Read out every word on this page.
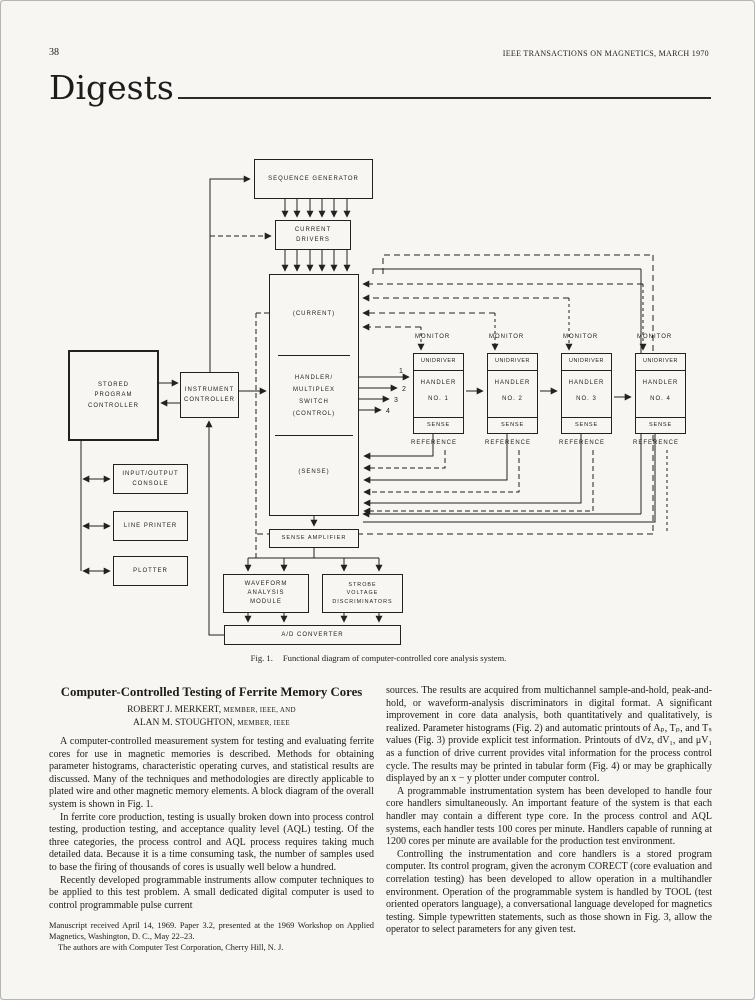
38	IEEE TRANSACTIONS ON MAGNETICS, MARCH 1970
Digests
1
2
3
4
SEQUENCE GENERATOR
CURRENT
DRIVERS
(CURRENT)
HANDLER/
MULTIPLEX
SWITCH
(CONTROL)
(SENSE)
STORED
PROGRAM
CONTROLLER
INSTRUMENT
CONTROLLER
INPUT/OUTPUT
CONSOLE
LINE PRINTER
PLOTTER
SENSE AMPLIFIER
WAVEFORM
ANALYSIS
MODULE
STROBE
VOLTAGE
DISCRIMINATORS
A/D CONVERTER
UNIDRIVER
HANDLER
NO. 1
SENSE
UNIDRIVER
HANDLER
NO. 2
SENSE
UNIDRIVER
HANDLER
NO. 3
SENSE
UNIDRIVER
HANDLER
NO. 4
SENSE
MONITOR	MONITOR	MONITOR	MONITOR
REFERENCE	REFERENCE	REFERENCE	REFERENCE
Fig. 1. Functional diagram of computer-controlled core analysis system.
Computer-Controlled Testing of Ferrite Memory Cores
ROBERT J. MERKERT, MEMBER, IEEE, AND
ALAN M. STOUGHTON, MEMBER, IEEE

A computer-controlled measurement system for testing and evaluating ferrite cores for use in magnetic memories is described. Methods for obtaining parameter histograms, characteristic operating curves, and statistical results are discussed. Many of the techniques and methodologies are directly applicable to plated wire and other magnetic memory elements. A block diagram of the overall system is shown in Fig. 1.

In ferrite core production, testing is usually broken down into process control testing, production testing, and acceptance quality level (AQL) testing. Of the three categories, the process control and AQL process requires taking much detailed data. Because it is a time consuming task, the number of samples used to base the firing of thousands of cores is usually well below a hundred.

Recently developed programmable instruments allow computer techniques to be applied to this test problem. A small dedicated digital computer is used to control programmable pulse current

Manuscript received April 14, 1969. Paper 3.2, presented at the 1969 Workshop on Applied Magnetics, Washington, D. C., May 22–23.

The authors are with Computer Test Corporation, Cherry Hill, N. J.

sources. The results are acquired from multichannel sample-and-hold, peak-and-hold, or waveform-analysis discriminators in digital format. A significant improvement in core data analysis, both quantitatively and qualitatively, is realized. Parameter histograms (Fig. 2) and automatic printouts of Aₚ, Tₚ, and Tₛ values (Fig. 3) provide explicit test information. Printouts of dVz, dV₁, and μV₁ as a function of drive current provides vital information for the process control cycle. The results may be printed in tabular form (Fig. 4) or may be graphically displayed by an x − y plotter under computer control.

A programmable instrumentation system has been developed to handle four core handlers simultaneously. An important feature of the system is that each handler may contain a different type core. In the process control and AQL systems, each handler tests 100 cores per minute. Handlers capable of running at 1200 cores per minute are available for the production test environment.

Controlling the instrumentation and core handlers is a stored program computer. Its control program, given the acronym CORECT (core evaluation and correlation testing) has been developed to allow operation in a multihandler environment. Operation of the programmable system is handled by TOOL (test oriented operators language), a conversational language developed for magnetics testing. Simple typewritten statements, such as those shown in Fig. 3, allow the operator to select parameters for any given test.
